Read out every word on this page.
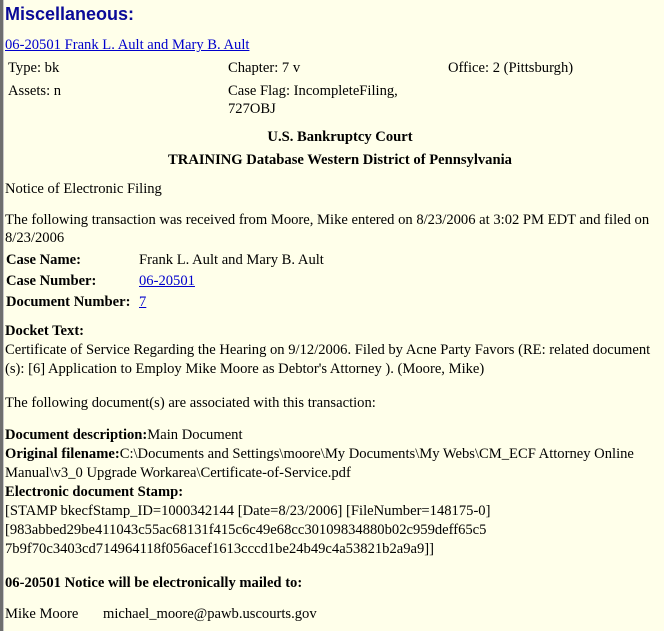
Miscellaneous:
06-20501 Frank L. Ault and Mary B. Ault
Type: bk	Chapter: 7 v	Office: 2 (Pittsburgh)
Assets: n	Case Flag: IncompleteFiling,
727OBJ
U.S. Bankruptcy Court
TRAINING Database Western District of Pennsylvania
Notice of Electronic Filing
The following transaction was received from Moore, Mike entered on 8/23/2006 at 3:02 PM EDT and filed on
8/23/2006
Case Name:	Frank L. Ault and Mary B. Ault
Case Number:	06-20501
Document Number: 7
Docket Text:
Certificate of Service Regarding the Hearing on 9/12/2006. Filed by Acne Party Favors (RE: related document
(s): [6] Application to Employ Mike Moore as Debtor's Attorney ). (Moore, Mike)
The following document(s) are associated with this transaction:
Document description:Main Document
Original filename:C:\Documents and Settings\moore\My Documents\My Webs\CM_ECF Attorney Online
Manual\v3_0 Upgrade Workarea\Certificate-of-Service.pdf
Electronic document Stamp:
[STAMP bkecfStamp_ID=1000342144 [Date=8/23/2006] [FileNumber=148175-0]
[983abbed29be411043c55ac68131f415c6c49e68cc30109834880b02c959deff65c5
7b9f70c3403cd714964118f056acef1613cccd1be24b49c4a53821b2a9a9]]
06-20501 Notice will be electronically mailed to:
Mike Moore michael_moore@pawb.uscourts.gov
